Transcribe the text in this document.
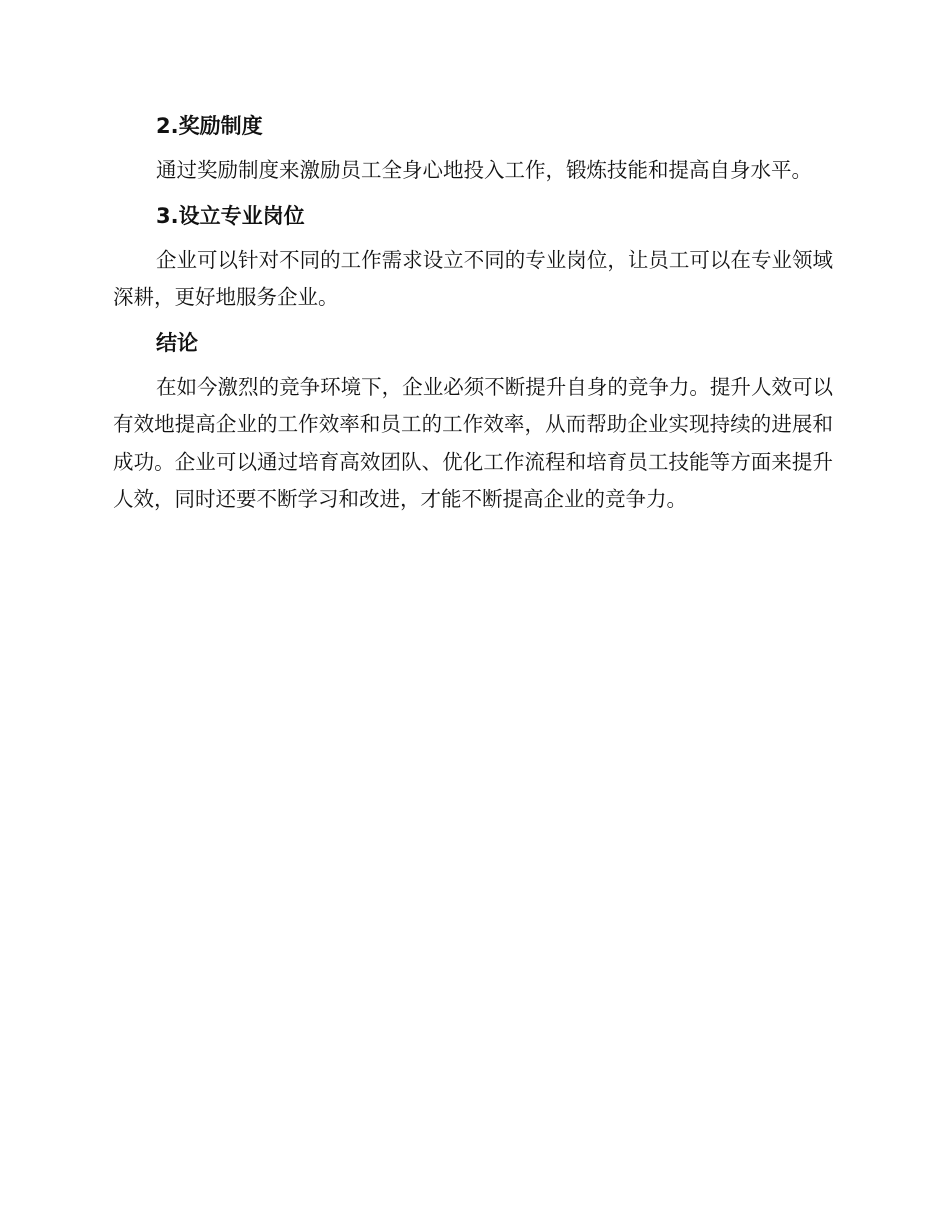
2.奖励制度

通过奖励制度来激励员工全身心地投入工作，锻炼技能和提高自身水平。

3.设立专业岗位

企业可以针对不同的工作需求设立不同的专业岗位，让员工可以在专业领域深耕，更好地服务企业。

结论

在如今激烈的竞争环境下，企业必须不断提升自身的竞争力。提升人效可以有效地提高企业的工作效率和员工的工作效率，从而帮助企业实现持续的进展和成功。企业可以通过培育高效团队、优化工作流程和培育员工技能等方面来提升人效，同时还要不断学习和改进，才能不断提高企业的竞争力。
